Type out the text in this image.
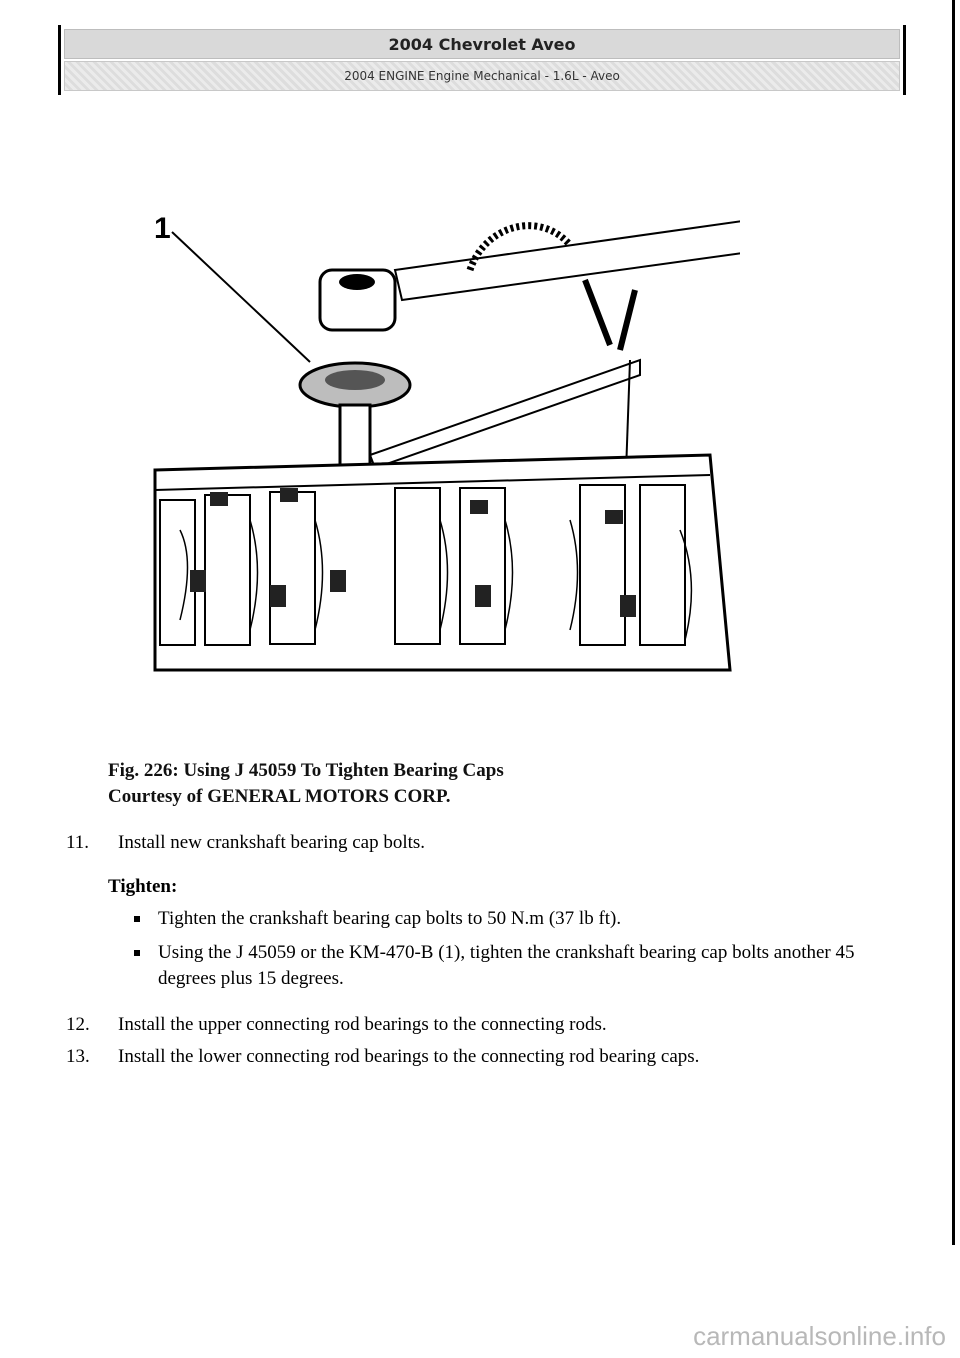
2004 Chevrolet Aveo
2004 ENGINE Engine Mechanical - 1.6L - Aveo
1
Fig. 226: Using J 45059 To Tighten Bearing Caps
Courtesy of GENERAL MOTORS CORP.
11. Install new crankshaft bearing cap bolts.
Tighten:
Tighten the crankshaft bearing cap bolts to 50 N.m (37 lb ft).
Using the J 45059 or the KM-470-B (1), tighten the crankshaft bearing cap bolts another 45 degrees plus 15 degrees.
12. Install the upper connecting rod bearings to the connecting rods.
13. Install the lower connecting rod bearings to the connecting rod bearing caps.
carmanualsonline.info
